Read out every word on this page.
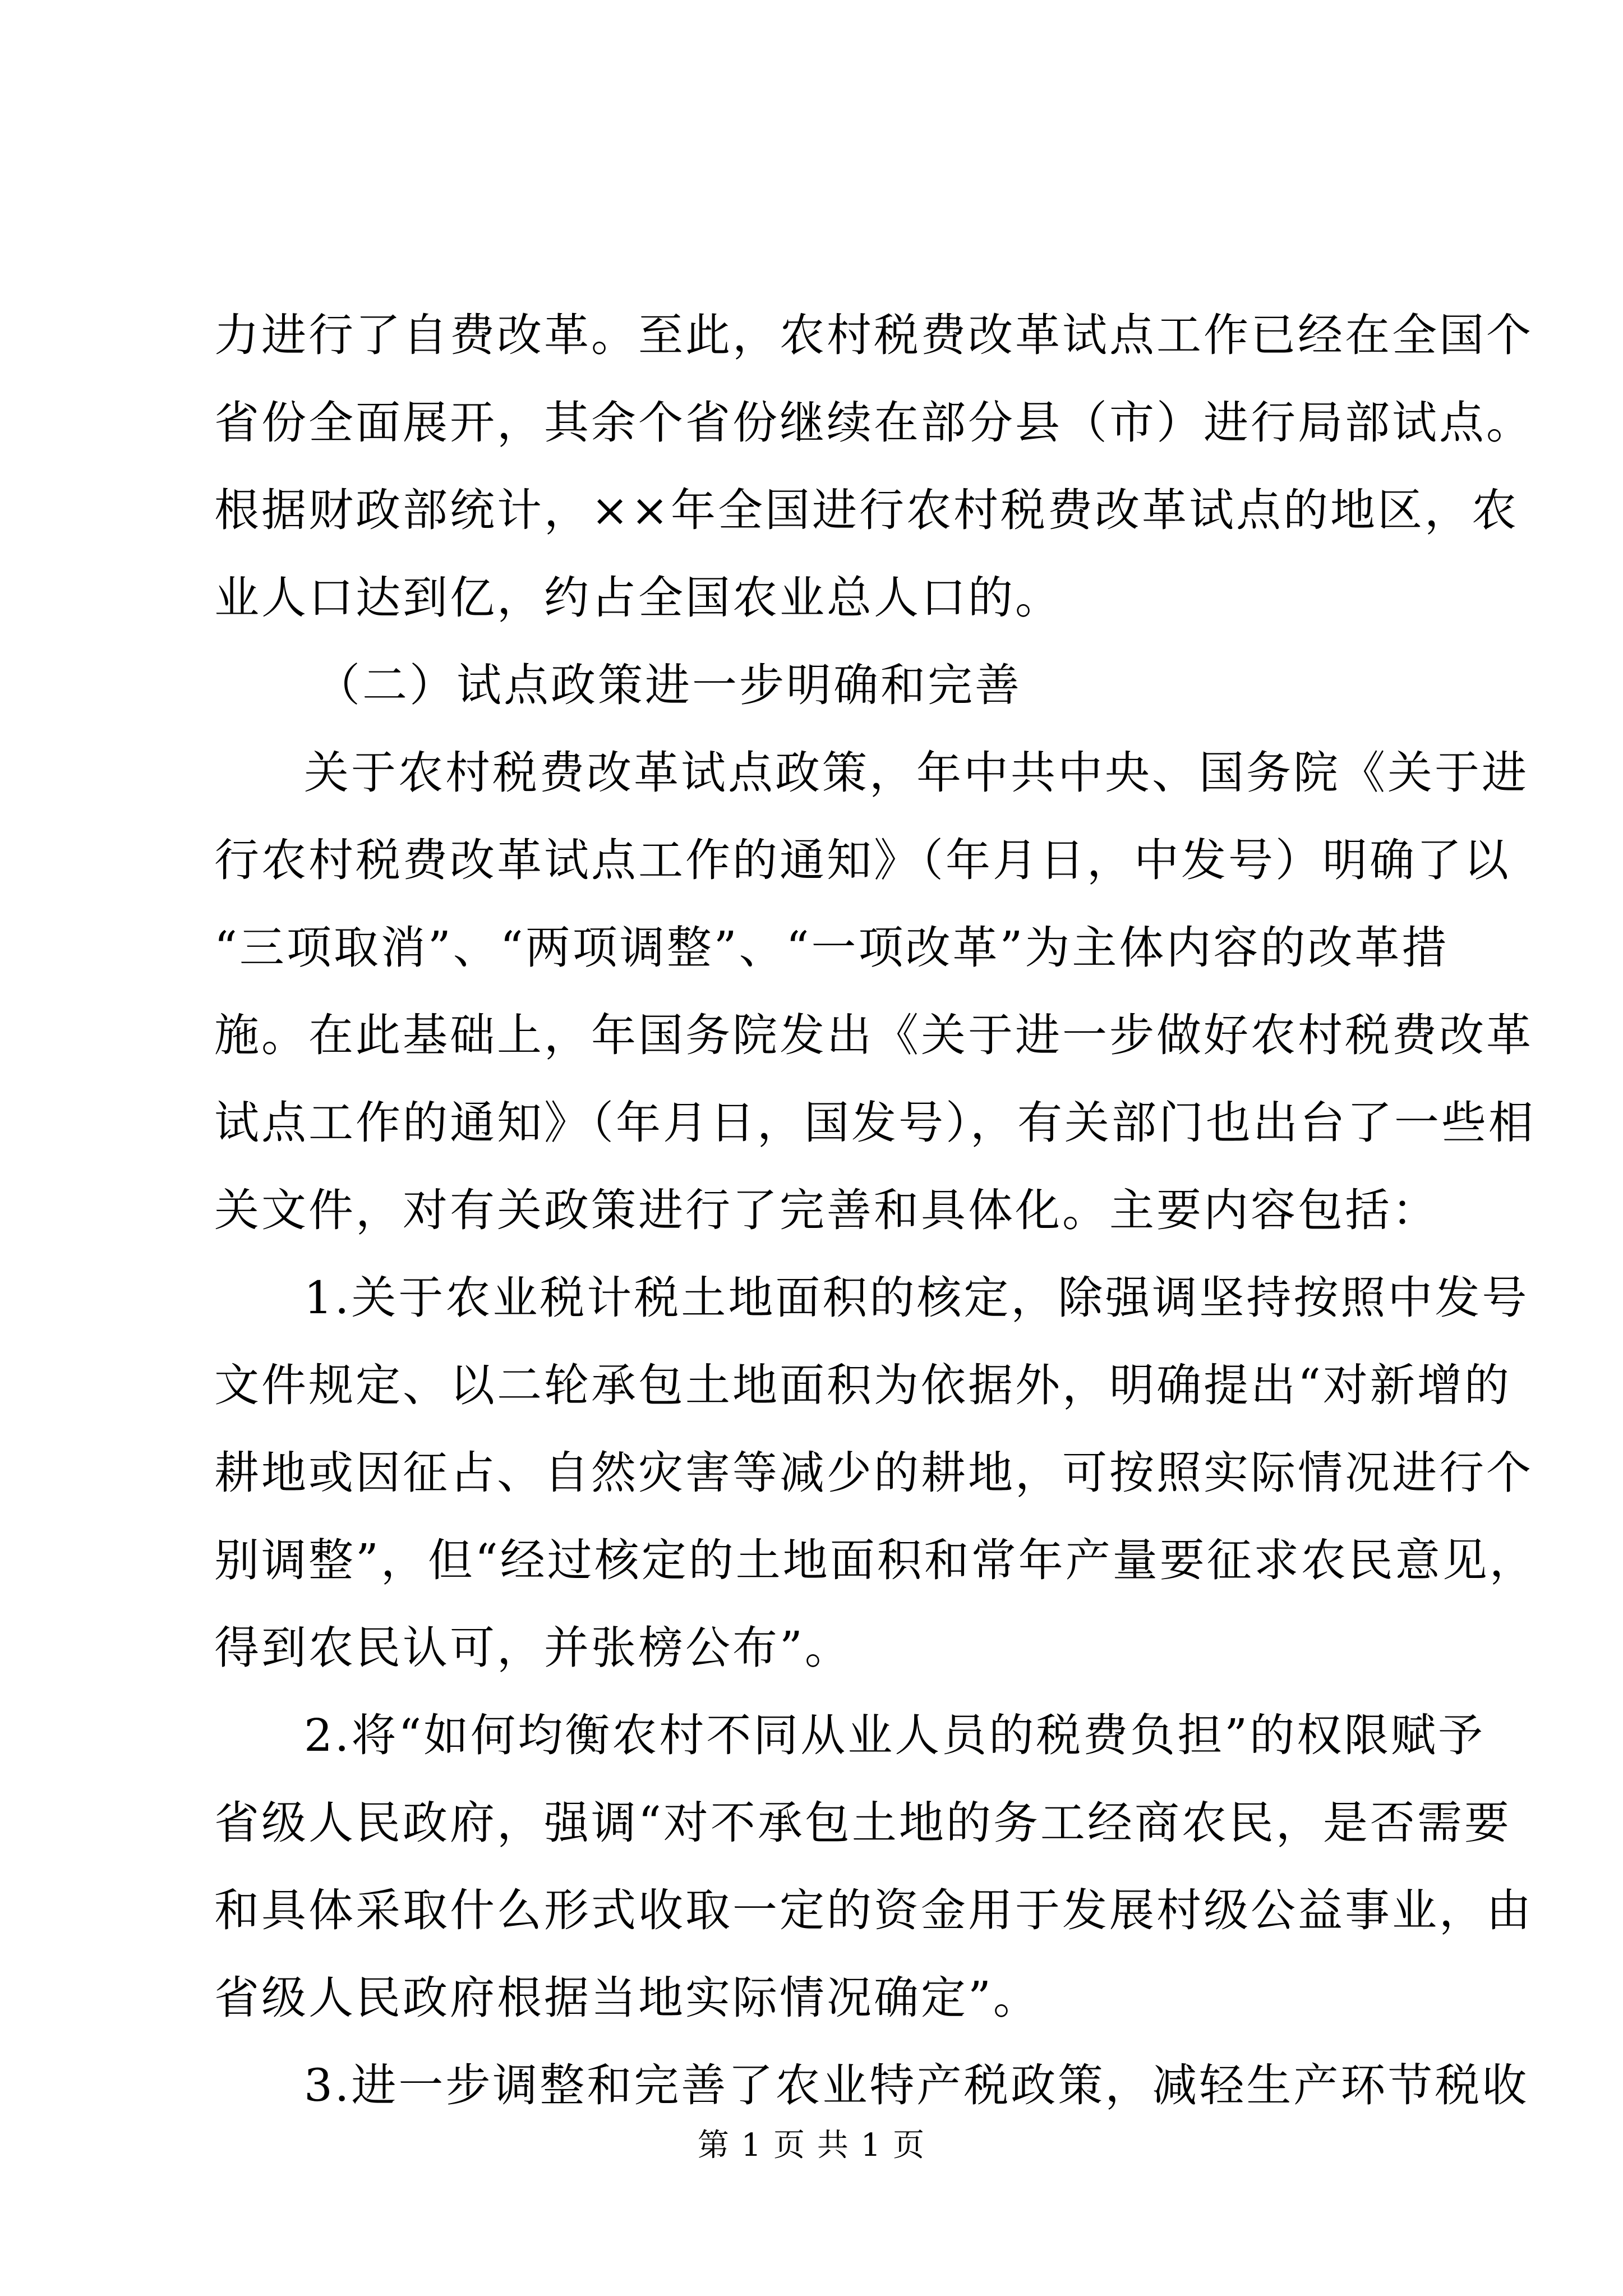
力进行了自费改革。至此，农村税费改革试点工作已经在全国个
省份全面展开，其余个省份继续在部分县（市）进行局部试点。
根据财政部统计，××年全国进行农村税费改革试点的地区，农
业人口达到亿，约占全国农业总人口的。
（二）试点政策进一步明确和完善
关于农村税费改革试点政策，年中共中央、国务院《关于进
行农村税费改革试点工作的通知》（年月日，中发号）明确了以
“三项取消”、“两项调整”、“一项改革”为主体内容的改革措
施。在此基础上，年国务院发出《关于进一步做好农村税费改革
试点工作的通知》（年月日，国发号），有关部门也出台了一些相
关文件，对有关政策进行了完善和具体化。主要内容包括：
1.关于农业税计税土地面积的核定，除强调坚持按照中发号
文件规定、以二轮承包土地面积为依据外，明确提出“对新增的
耕地或因征占、自然灾害等减少的耕地，可按照实际情况进行个
别调整”，但“经过核定的土地面积和常年产量要征求农民意见，
得到农民认可，并张榜公布”。
2.将“如何均衡农村不同从业人员的税费负担”的权限赋予
省级人民政府，强调“对不承包土地的务工经商农民，是否需要
和具体采取什么形式收取一定的资金用于发展村级公益事业，由
省级人民政府根据当地实际情况确定”。
3.进一步调整和完善了农业特产税政策，减轻生产环节税收
第 1 页 共 1 页
